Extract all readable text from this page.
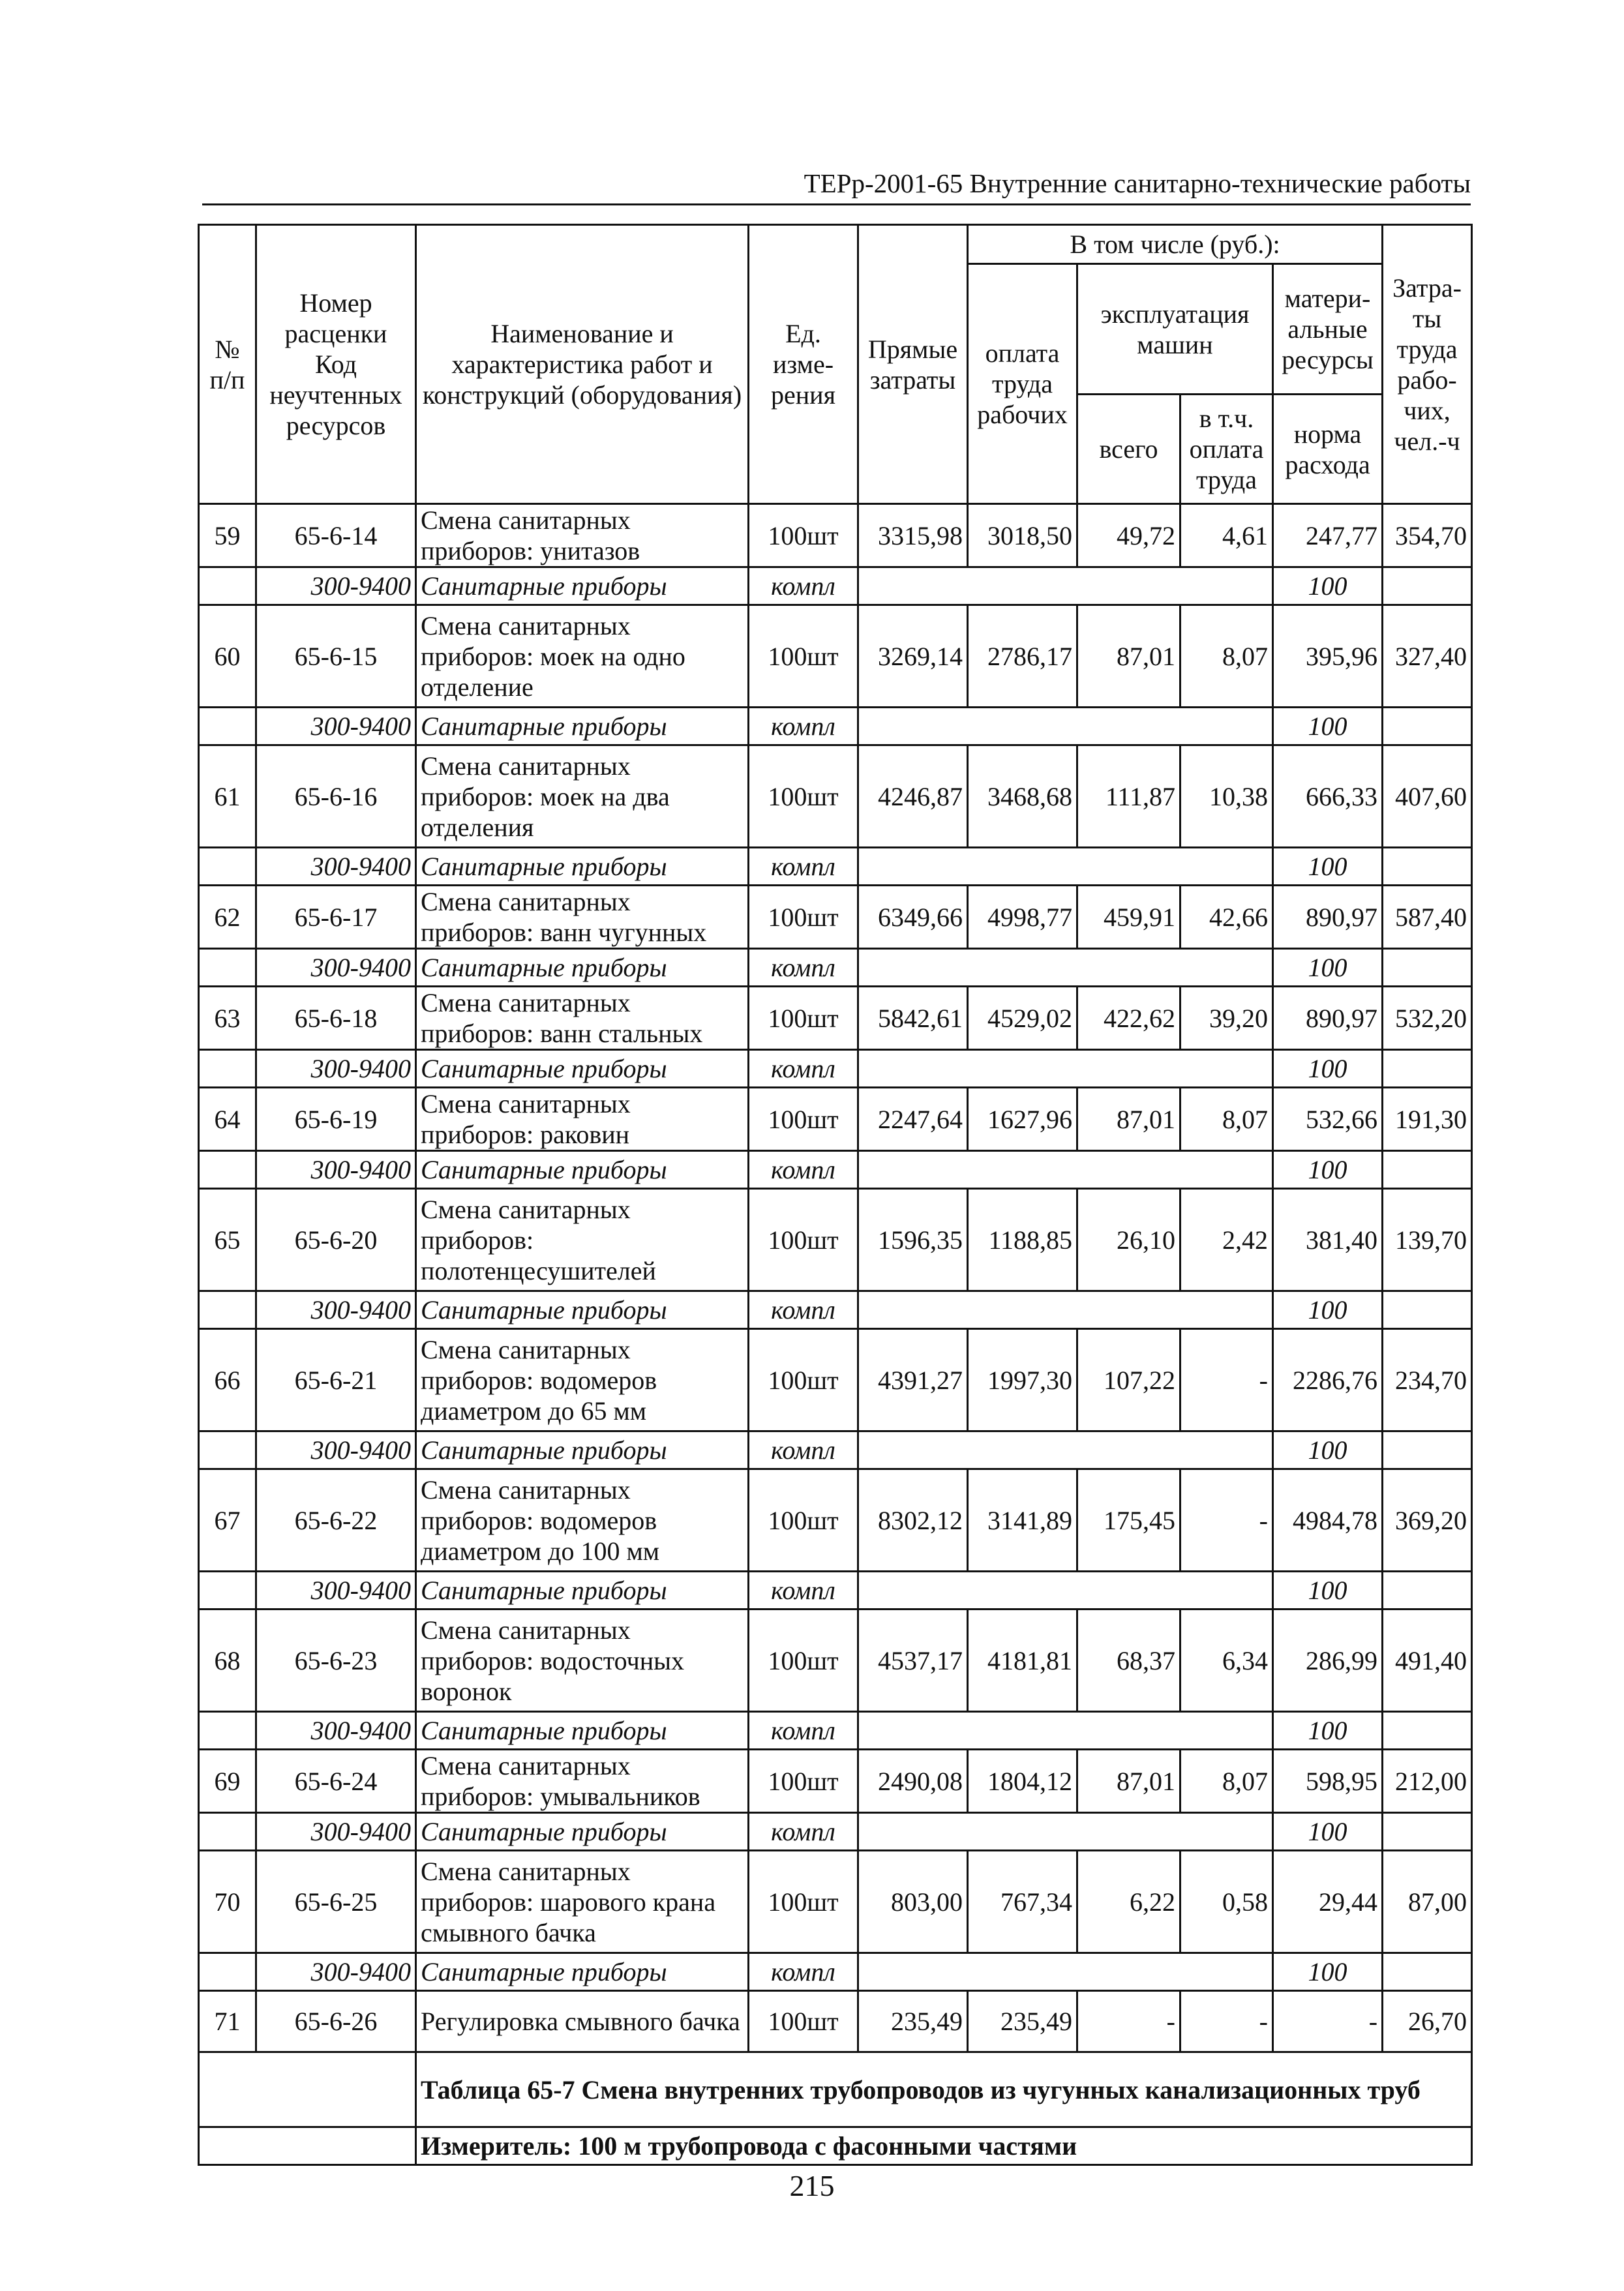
ТЕРр-2001-65 Внутренние санитарно-технические работы
№ п/п	Номер расценки Код неучтенных ресурсов	Наименование и характеристика работ и конструкций (оборудования)	Ед. изме-рения	Прямые затраты	В том числе (руб.):				Затра-ты труда рабо-чих, чел.-ч
					оплата труда рабочих	эксплуатация машин		матери-альные ресурсы	
						всего	в т.ч. оплата труда	норма расхода	
59	65-6-14	Смена санитарных приборов: унитазов	100шт	3315,98	3018,50	49,72	4,61	247,77	354,70
	300-9400	Санитарные приборы	компл					100	
60	65-6-15	Смена санитарных приборов: моек на одно отделение	100шт	3269,14	2786,17	87,01	8,07	395,96	327,40
	300-9400	Санитарные приборы	компл					100	
61	65-6-16	Смена санитарных приборов: моек на два отделения	100шт	4246,87	3468,68	111,87	10,38	666,33	407,60
	300-9400	Санитарные приборы	компл					100	
62	65-6-17	Смена санитарных приборов: ванн чугунных	100шт	6349,66	4998,77	459,91	42,66	890,97	587,40
	300-9400	Санитарные приборы	компл					100	
63	65-6-18	Смена санитарных приборов: ванн стальных	100шт	5842,61	4529,02	422,62	39,20	890,97	532,20
	300-9400	Санитарные приборы	компл					100	
64	65-6-19	Смена санитарных приборов: раковин	100шт	2247,64	1627,96	87,01	8,07	532,66	191,30
	300-9400	Санитарные приборы	компл					100	
65	65-6-20	Смена санитарных приборов: полотенцесушителей	100шт	1596,35	1188,85	26,10	2,42	381,40	139,70
	300-9400	Санитарные приборы	компл					100	
66	65-6-21	Смена санитарных приборов: водомеров диаметром до 65 мм	100шт	4391,27	1997,30	107,22	-	2286,76	234,70
	300-9400	Санитарные приборы	компл					100	
67	65-6-22	Смена санитарных приборов: водомеров диаметром до 100 мм	100шт	8302,12	3141,89	175,45	-	4984,78	369,20
	300-9400	Санитарные приборы	компл					100	
68	65-6-23	Смена санитарных приборов: водосточных воронок	100шт	4537,17	4181,81	68,37	6,34	286,99	491,40
	300-9400	Санитарные приборы	компл					100	
69	65-6-24	Смена санитарных приборов: умывальников	100шт	2490,08	1804,12	87,01	8,07	598,95	212,00
	300-9400	Санитарные приборы	компл					100	
70	65-6-25	Смена санитарных приборов: шарового крана смывного бачка	100шт	803,00	767,34	6,22	0,58	29,44	87,00
	300-9400	Санитарные приборы	компл					100	
71	65-6-26	Регулировка смывного бачка	100шт	235,49	235,49	-	-	-	26,70
		Таблица 65-7 Смена внутренних трубопроводов из чугунных канализационных труб							
		Измеритель: 100 м трубопровода с фасонными частями							
215
